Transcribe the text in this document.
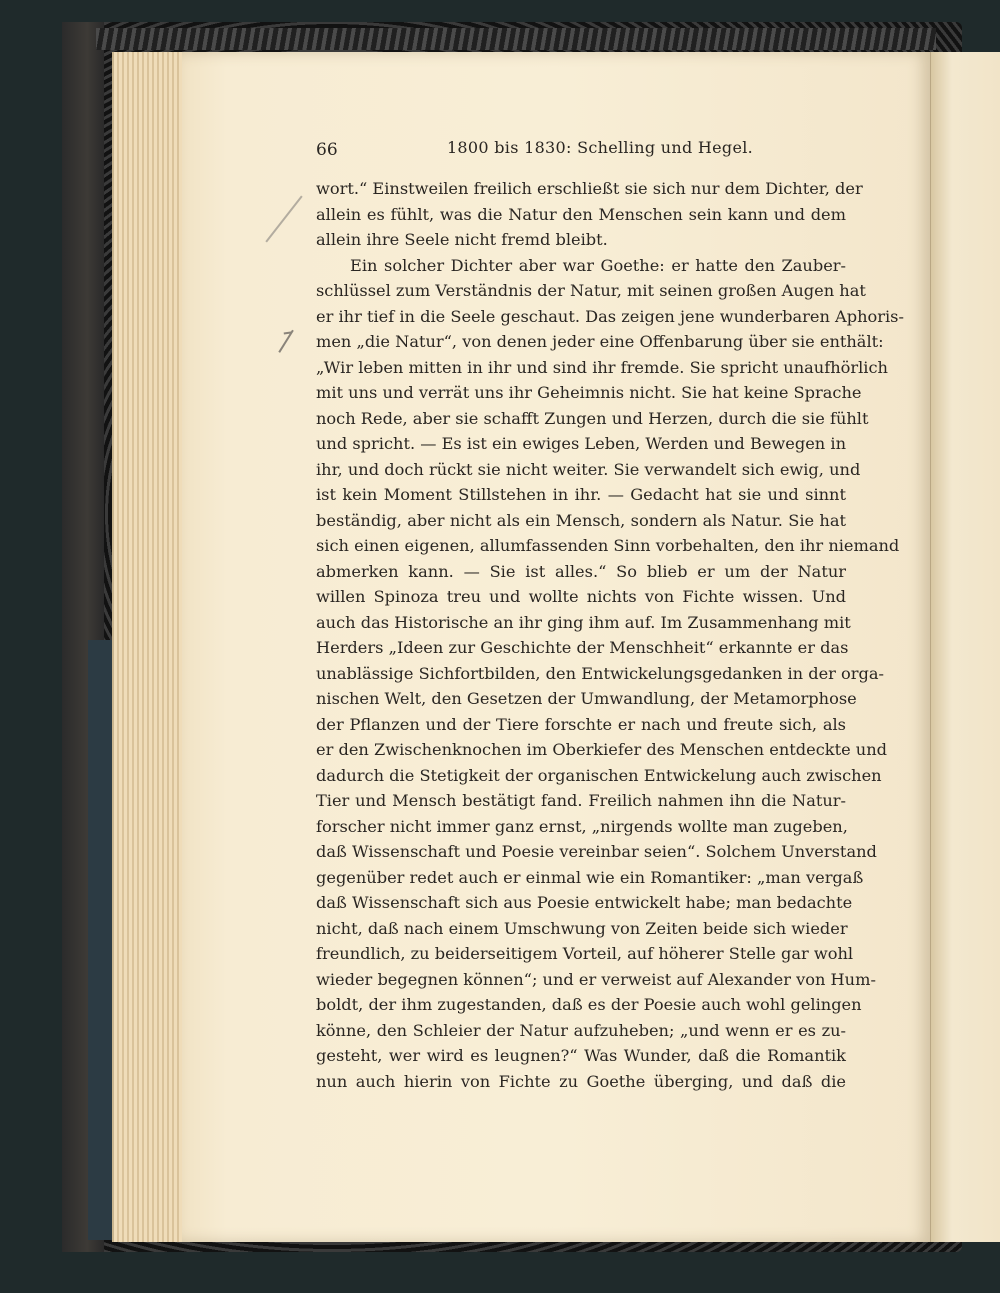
66	1800 bis 1830: Schelling und Hegel.
wort.“ Einstweilen freilich erschließt sie sich nur dem Dichter, der
allein es fühlt, was die Natur den Menschen sein kann und dem
allein ihre Seele nicht fremd bleibt.
Ein solcher Dichter aber war Goethe: er hatte den Zauber-
schlüssel zum Verständnis der Natur, mit seinen großen Augen hat
er ihr tief in die Seele geschaut. Das zeigen jene wunderbaren Aphoris-
men „die Natur“, von denen jeder eine Offenbarung über sie enthält:
„Wir leben mitten in ihr und sind ihr fremde. Sie spricht unaufhörlich
mit uns und verrät uns ihr Geheimnis nicht. Sie hat keine Sprache
noch Rede, aber sie schafft Zungen und Herzen, durch die sie fühlt
und spricht. — Es ist ein ewiges Leben, Werden und Bewegen in
ihr, und doch rückt sie nicht weiter. Sie verwandelt sich ewig, und
ist kein Moment Stillstehen in ihr. — Gedacht hat sie und sinnt
beständig, aber nicht als ein Mensch, sondern als Natur. Sie hat
sich einen eigenen, allumfassenden Sinn vorbehalten, den ihr niemand
abmerken kann. — Sie ist alles.“ So blieb er um der Natur
willen Spinoza treu und wollte nichts von Fichte wissen. Und
auch das Historische an ihr ging ihm auf. Im Zusammenhang mit
Herders „Ideen zur Geschichte der Menschheit“ erkannte er das
unablässige Sichfortbilden, den Entwickelungsgedanken in der orga-
nischen Welt, den Gesetzen der Umwandlung, der Metamorphose
der Pflanzen und der Tiere forschte er nach und freute sich, als
er den Zwischenknochen im Oberkiefer des Menschen entdeckte und
dadurch die Stetigkeit der organischen Entwickelung auch zwischen
Tier und Mensch bestätigt fand. Freilich nahmen ihn die Natur-
forscher nicht immer ganz ernst, „nirgends wollte man zugeben,
daß Wissenschaft und Poesie vereinbar seien“. Solchem Unverstand
gegenüber redet auch er einmal wie ein Romantiker: „man vergaß
daß Wissenschaft sich aus Poesie entwickelt habe; man bedachte
nicht, daß nach einem Umschwung von Zeiten beide sich wieder
freundlich, zu beiderseitigem Vorteil, auf höherer Stelle gar wohl
wieder begegnen können“; und er verweist auf Alexander von Hum-
boldt, der ihm zugestanden, daß es der Poesie auch wohl gelingen
könne, den Schleier der Natur aufzuheben; „und wenn er es zu-
gesteht, wer wird es leugnen?“ Was Wunder, daß die Romantik
nun auch hierin von Fichte zu Goethe überging, und daß die
